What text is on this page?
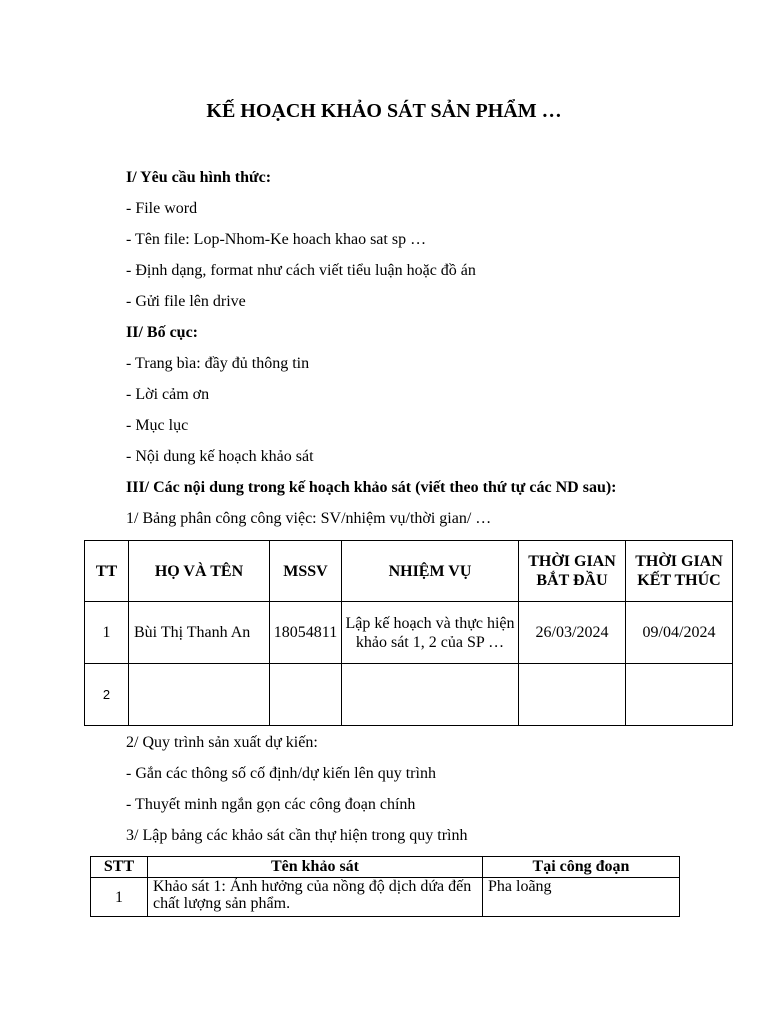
KẾ HOẠCH KHẢO SÁT SẢN PHẨM …
I/ Yêu cầu hình thức:
- File word
- Tên file: Lop-Nhom-Ke hoach khao sat sp …
- Định dạng, format như cách viết tiểu luận hoặc đồ án
- Gửi file lên drive
II/ Bố cục:
- Trang bìa: đầy đủ thông tin
- Lời cảm ơn
- Mục lục
- Nội dung kế hoạch khảo sát
III/ Các nội dung trong kế hoạch khảo sát (viết theo thứ tự các ND sau):
1/ Bảng phân công công việc: SV/nhiệm vụ/thời gian/ …
TT	HỌ VÀ TÊN	MSSV	NHIỆM VỤ	THỜI GIAN BẮT ĐẦU	THỜI GIAN KẾT THÚC
1	Bùi Thị Thanh An	18054811	Lập kế hoạch và thực hiện khảo sát 1, 2 của SP …	26/03/2024	09/04/2024
2					
2/ Quy trình sản xuất dự kiến:
- Gắn các thông số cố định/dự kiến lên quy trình
- Thuyết minh ngắn gọn các công đoạn chính
3/ Lập bảng các khảo sát cần thự hiện trong quy trình
STT	Tên khảo sát	Tại công đoạn
1	Khảo sát 1: Ảnh hưởng của nồng độ dịch dứa đến chất lượng sản phẩm.	Pha loãng
